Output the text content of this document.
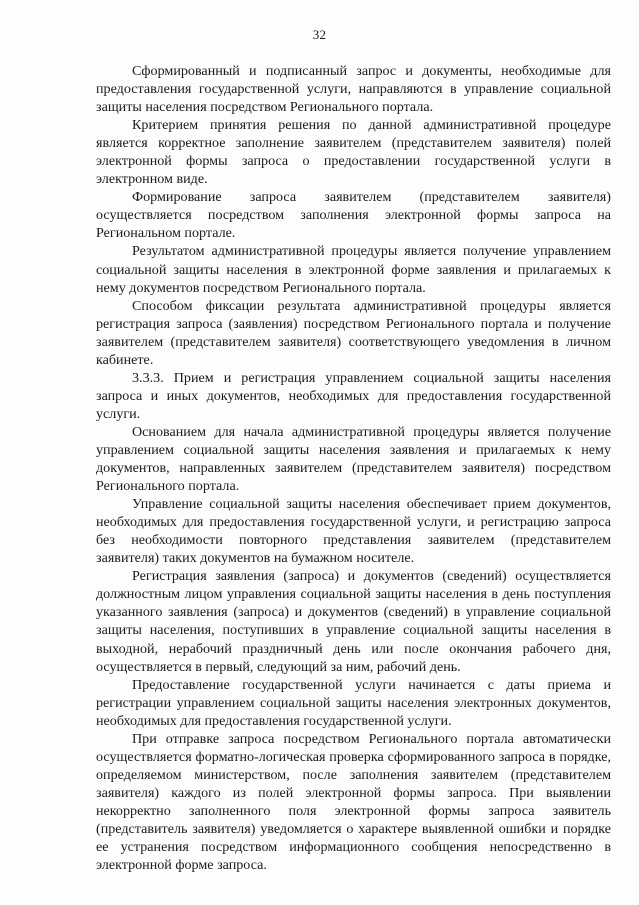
32

Сформированный и подписанный запрос и документы, необходимые для предоставления государственной услуги, направляются в управление социальной защиты населения посредством Регионального портала.

Критерием принятия решения по данной административной процедуре является корректное заполнение заявителем (представителем заявителя) полей электронной формы запроса о предоставлении государственной услуги в электронном виде.

Формирование запроса заявителем (представителем заявителя) осуществляется посредством заполнения электронной формы запроса на Региональном портале.

Результатом административной процедуры является получение управлением социальной защиты населения в электронной форме заявления и прилагаемых к нему документов посредством Регионального портала.

Способом фиксации результата административной процедуры является регистрация запроса (заявления) посредством Регионального портала и получение заявителем (представителем заявителя) соответствующего уведомления в личном кабинете.

3.3.3. Прием и регистрация управлением социальной защиты населения запроса и иных документов, необходимых для предоставления государственной услуги.

Основанием для начала административной процедуры является получение управлением социальной защиты населения заявления и прилагаемых к нему документов, направленных заявителем (представителем заявителя) посредством Регионального портала.

Управление социальной защиты населения обеспечивает прием документов, необходимых для предоставления государственной услуги, и регистрацию запроса без необходимости повторного представления заявителем (представителем заявителя) таких документов на бумажном носителе.

Регистрация заявления (запроса) и документов (сведений) осуществляется должностным лицом управления социальной защиты населения в день поступления указанного заявления (запроса) и документов (сведений) в управление социальной защиты населения, поступивших в управление социальной защиты населения в выходной, нерабочий праздничный день или после окончания рабочего дня, осуществляется в первый, следующий за ним, рабочий день.

Предоставление государственной услуги начинается с даты приема и регистрации управлением социальной защиты населения электронных документов, необходимых для предоставления государственной услуги.

При отправке запроса посредством Регионального портала автоматически осуществляется форматно-логическая проверка сформированного запроса в порядке, определяемом министерством, после заполнения заявителем (представителем заявителя) каждого из полей электронной формы запроса. При выявлении некорректно заполненного поля электронной формы запроса заявитель (представитель заявителя) уведомляется о характере выявленной ошибки и порядке ее устранения посредством информационного сообщения непосредственно в электронной форме запроса.
